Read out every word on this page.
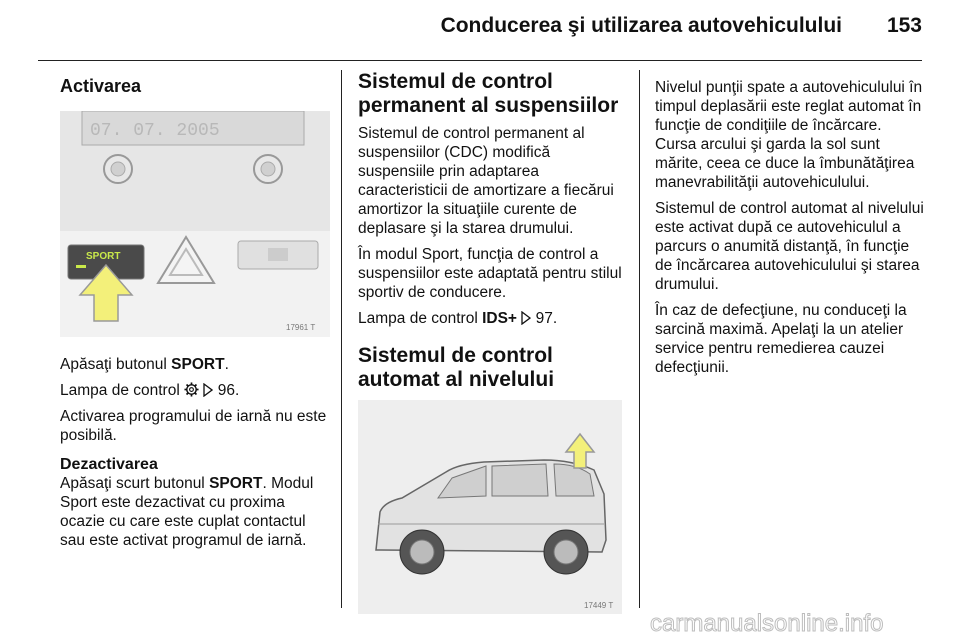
Conducerea şi utilizarea autovehiculului 153
Activarea
07. 07. 2005
SPORT
17961 T

Apăsaţi butonul SPORT.

Lampa de control   96.

Activarea programului de iarnă nu este posibilă.

Dezactivarea

Apăsaţi scurt butonul SPORT. Modul Sport este dezactivat cu proxima ocazie cu care este cuplat contactul sau este activat programul de iarnă.

Sistemul de control permanent al suspensiilor

Sistemul de control permanent al suspensiilor (CDC) modifică suspensiile prin adaptarea caracteristicii de amortizare a fiecărui amortizor la situaţiile curente de deplasare şi la starea drumului.

În modul Sport, funcţia de control a suspensiilor este adaptată pentru stilul sportiv de conducere.

Lampa de control IDS+  97.

Sistemul de control automat al nivelului
17449 T

Nivelul punţii spate a autovehiculului în timpul deplasării este reglat automat în funcţie de condiţiile de încărcare. Cursa arcului şi garda la sol sunt mărite, ceea ce duce la îmbunătăţirea manevrabilităţii autovehiculului.

Sistemul de control automat al nivelului este activat după ce autovehiculul a parcurs o anumită distanţă, în funcţie de încărcarea autovehiculului şi starea drumului.

În caz de defecţiune, nu conduceţi la sarcină maximă. Apelaţi la un atelier service pentru remedierea cauzei defecţiunii.

carmanualsonline.info
